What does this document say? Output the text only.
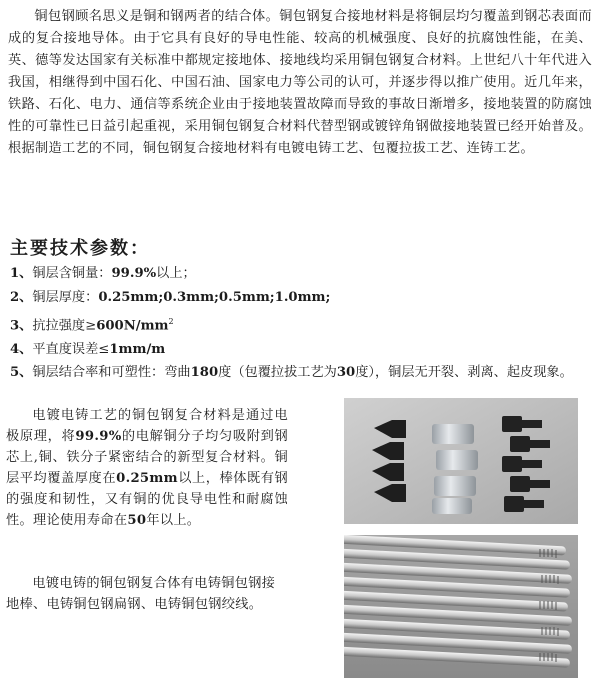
铜包钢顾名思义是铜和钢两者的结合体。铜包钢复合接地材料是将铜层均匀覆盖到钢芯表面而成的复合接地导体。由于它具有良好的导电性能、较高的机械强度、良好的抗腐蚀性能，在美、英、德等发达国家有关标准中都规定接地体、接地线均采用铜包钢复合材料。上世纪八十年代进入我国，相继得到中国石化、中国石油、国家电力等公司的认可，并逐步得以推广使用。近几年来，铁路、石化、电力、通信等系统企业由于接地装置故障而导致的事故日渐增多，接地装置的防腐蚀性的可靠性已日益引起重视，采用铜包钢复合材料代替型钢或镀锌角钢做接地装置已经开始普及。根据制造工艺的不同，铜包钢复合接地材料有电镀电铸工艺、包覆拉拔工艺、连铸工艺。

主要技术参数：
1、铜层含铜量：99.9%以上；
2、铜层厚度：0.25mm;0.3mm;0.5mm;1.0mm;
3、抗拉强度$\ge 600N/mm^2$
4、平直度误差≤1mm/m
5、铜层结合率和可塑性：弯曲180度（包覆拉拔工艺为30度），铜层无开裂、剥离、起皮现象。

电镀电铸工艺的铜包钢复合材料是通过电极原理，将99.9%的电解铜分子均匀吸附到钢芯上,铜、铁分子紧密结合的新型复合材料。铜层平均覆盖厚度在0.25mm以上，棒体既有钢的强度和韧性，又有铜的优良导电性和耐腐蚀性。理论使用寿命在50年以上。

电镀电铸的铜包钢复合体有电铸铜包钢接地棒、电铸铜包钢扁钢、电铸铜包钢绞线。
